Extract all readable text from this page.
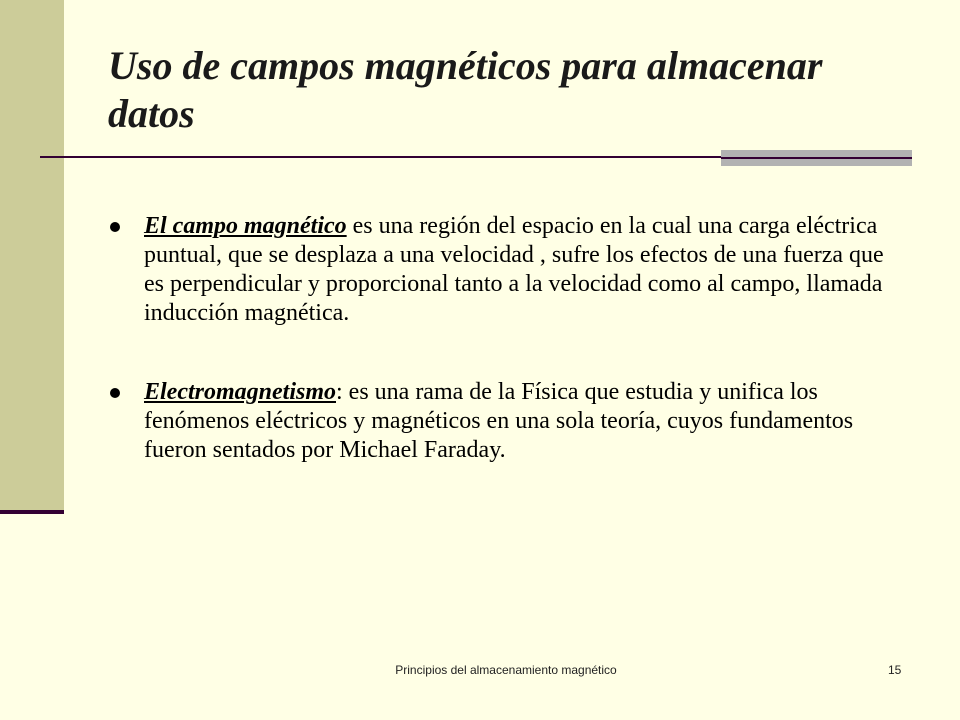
Uso de campos magnéticos para almacenar datos
El campo magnético es una región del espacio en la cual una carga eléctrica puntual, que se desplaza a una velocidad , sufre los efectos de una fuerza que es perpendicular y proporcional tanto a la velocidad como al campo, llamada inducción magnética.
Electromagnetismo: es una rama de la Física que estudia y unifica los fenómenos eléctricos y magnéticos en una sola teoría, cuyos fundamentos fueron sentados por Michael Faraday.
Principios del almacenamiento magnético	15
